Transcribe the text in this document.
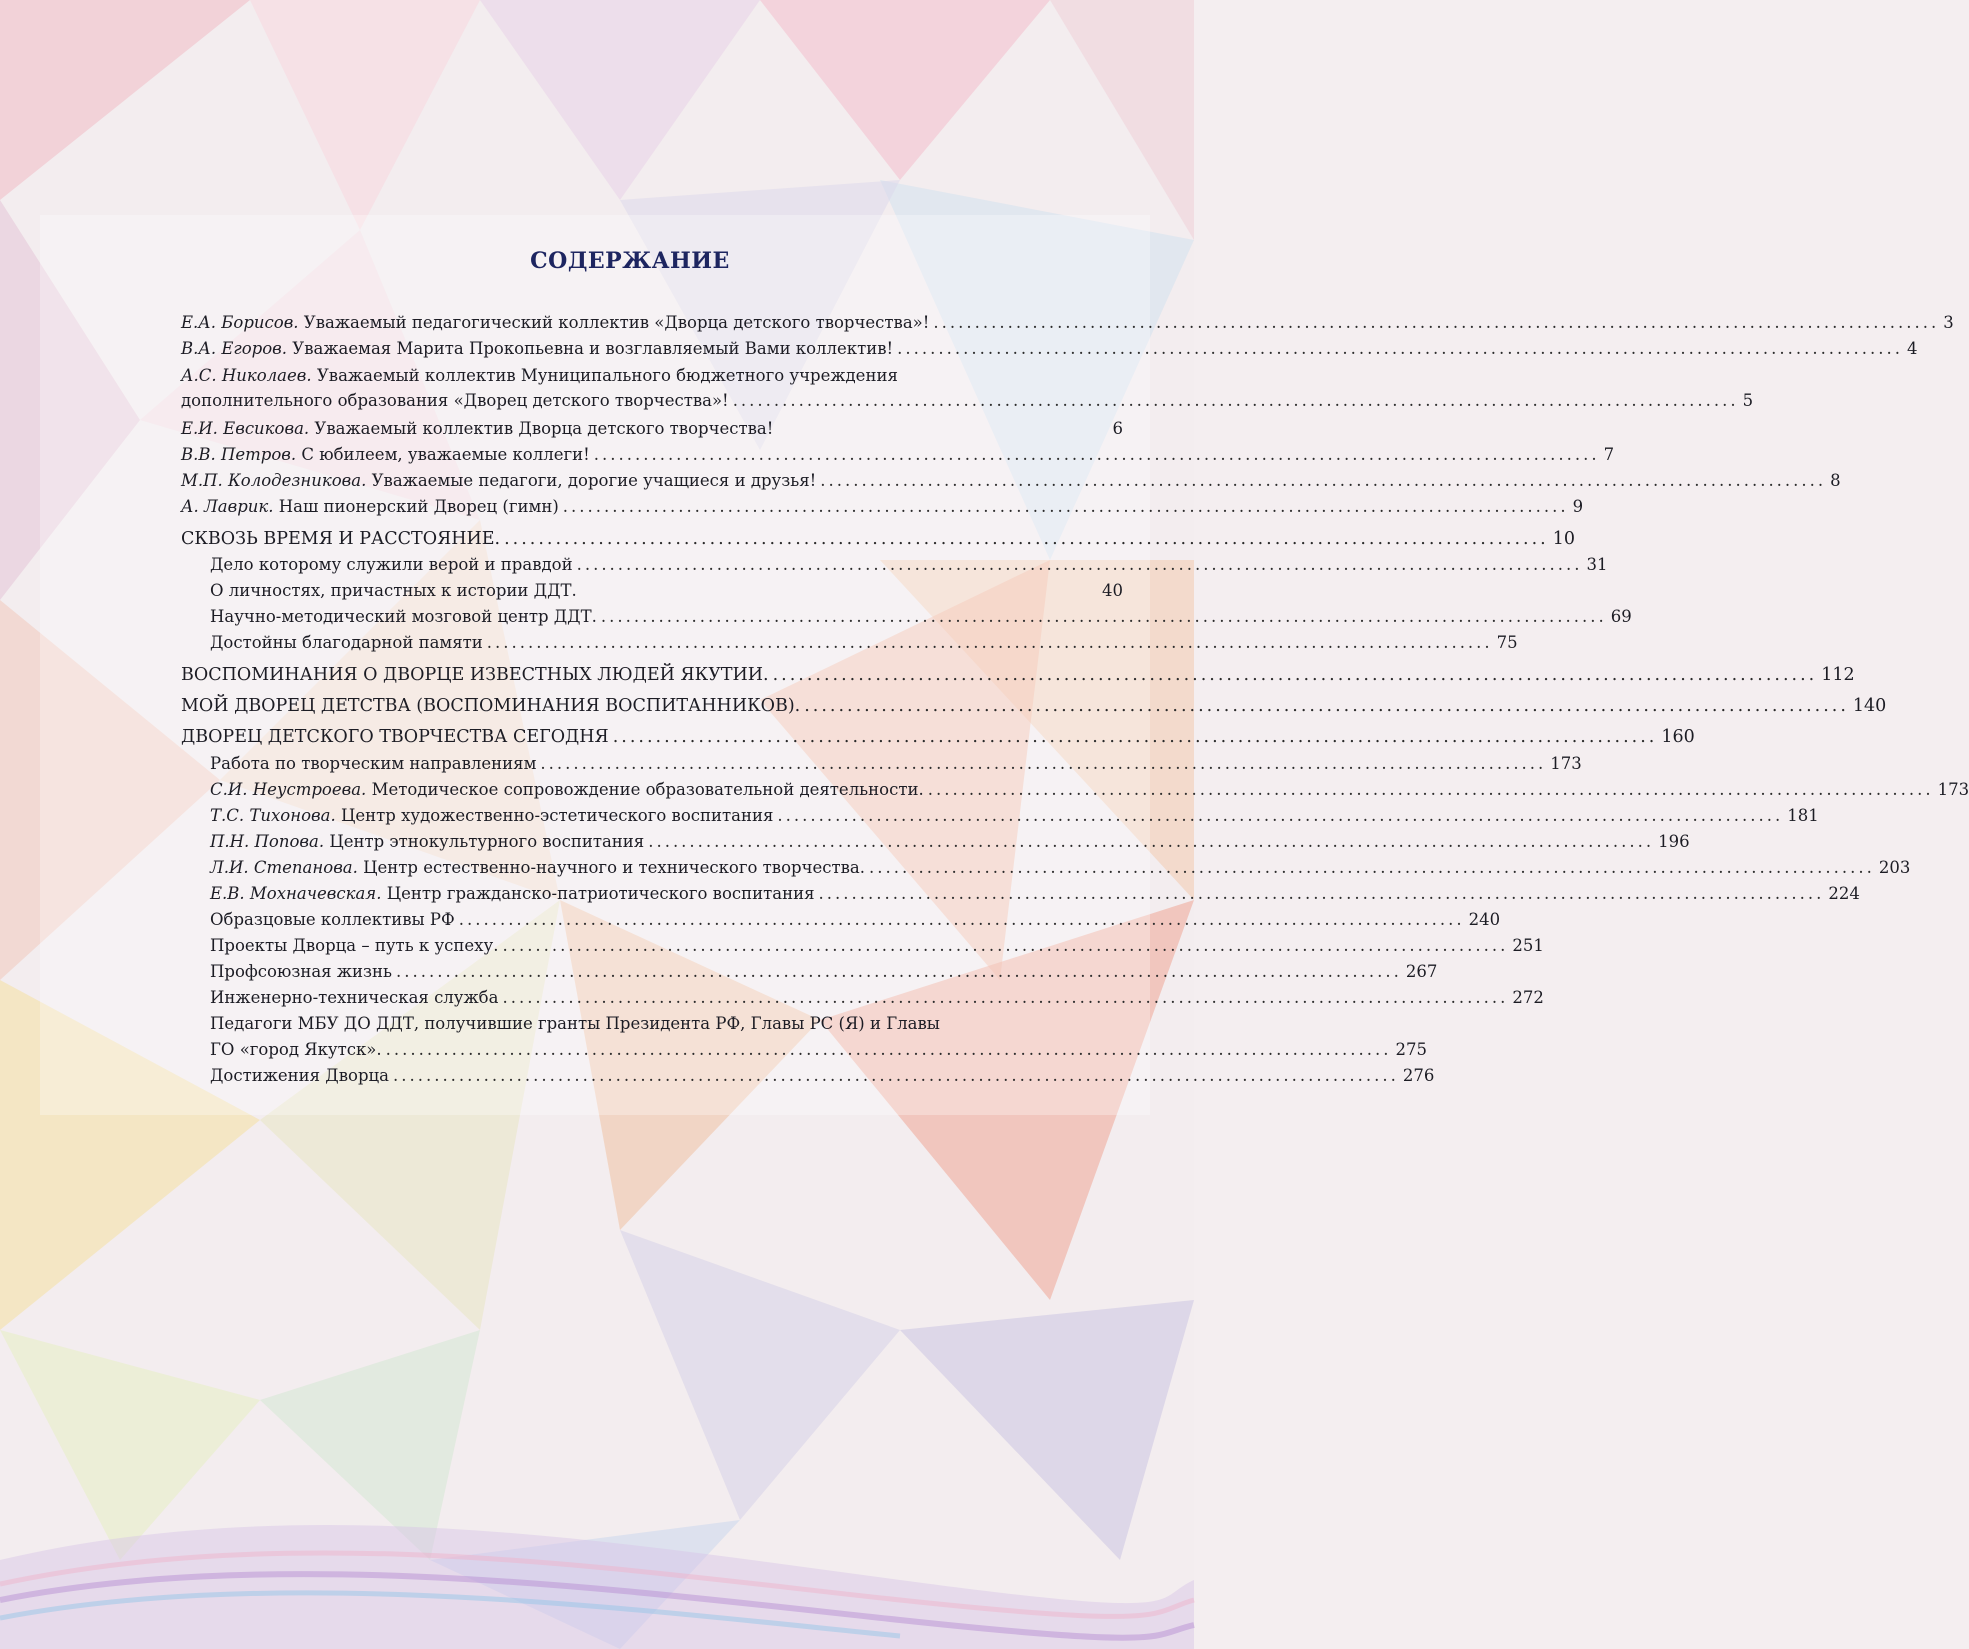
СОДЕРЖАНИЕ
Е.А. Борисов. Уважаемый педагогический коллектив «Дворца детского творчества»! .......................................................................................................................... 3
В.А. Егоров. Уважаемая Марита Прокопьевна и возглавляемый Вами коллектив! .......................................................................................................................... 4
А.С. Николаев. Уважаемый коллектив Муниципального бюджетного учреждения
дополнительного образования «Дворец детского творчества»! .......................................................................................................................... 5
Е.И. Евсикова. Уважаемый коллектив Дворца детского творчества!	6
В.В. Петров. С юбилеем, уважаемые коллеги! .......................................................................................................................... 7
М.П. Колодезникова. Уважаемые педагоги, дорогие учащиеся и друзья! .......................................................................................................................... 8
А. Лаврик. Наш пионерский Дворец (гимн) .......................................................................................................................... 9
СКВОЗЬ ВРЕМЯ И РАССТОЯНИЕ. .......................................................................................................................... 10
Дело которому служили верой и правдой .......................................................................................................................... 31
О личностях, причастных к истории ДДТ.	40
Научно-методический мозговой центр ДДТ. .......................................................................................................................... 69
Достойны благодарной памяти .......................................................................................................................... 75
ВОСПОМИНАНИЯ О ДВОРЦЕ ИЗВЕСТНЫХ ЛЮДЕЙ ЯКУТИИ. .......................................................................................................................... 112
МОЙ ДВОРЕЦ ДЕТСТВА (ВОСПОМИНАНИЯ ВОСПИТАННИКОВ). .......................................................................................................................... 140
ДВОРЕЦ ДЕТСКОГО ТВОРЧЕСТВА СЕГОДНЯ .......................................................................................................................... 160
Работа по творческим направлениям .......................................................................................................................... 173
С.И. Неустроева. Методическое сопровождение образовательной деятельности. .......................................................................................................................... 173
Т.С. Тихонова. Центр художественно-эстетического воспитания .......................................................................................................................... 181
П.Н. Попова. Центр этнокультурного воспитания .......................................................................................................................... 196
Л.И. Степанова. Центр естественно-научного и технического творчества. .......................................................................................................................... 203
Е.В. Мохначевская. Центр гражданско-патриотического воспитания .......................................................................................................................... 224
Образцовые коллективы РФ .......................................................................................................................... 240
Проекты Дворца – путь к успеху. .......................................................................................................................... 251
Профсоюзная жизнь .......................................................................................................................... 267
Инженерно-техническая служба .......................................................................................................................... 272
Педагоги МБУ ДО ДДТ, получившие гранты Президента РФ, Главы РС (Я) и Главы
ГО «город Якутск». .......................................................................................................................... 275
Достижения Дворца .......................................................................................................................... 276
